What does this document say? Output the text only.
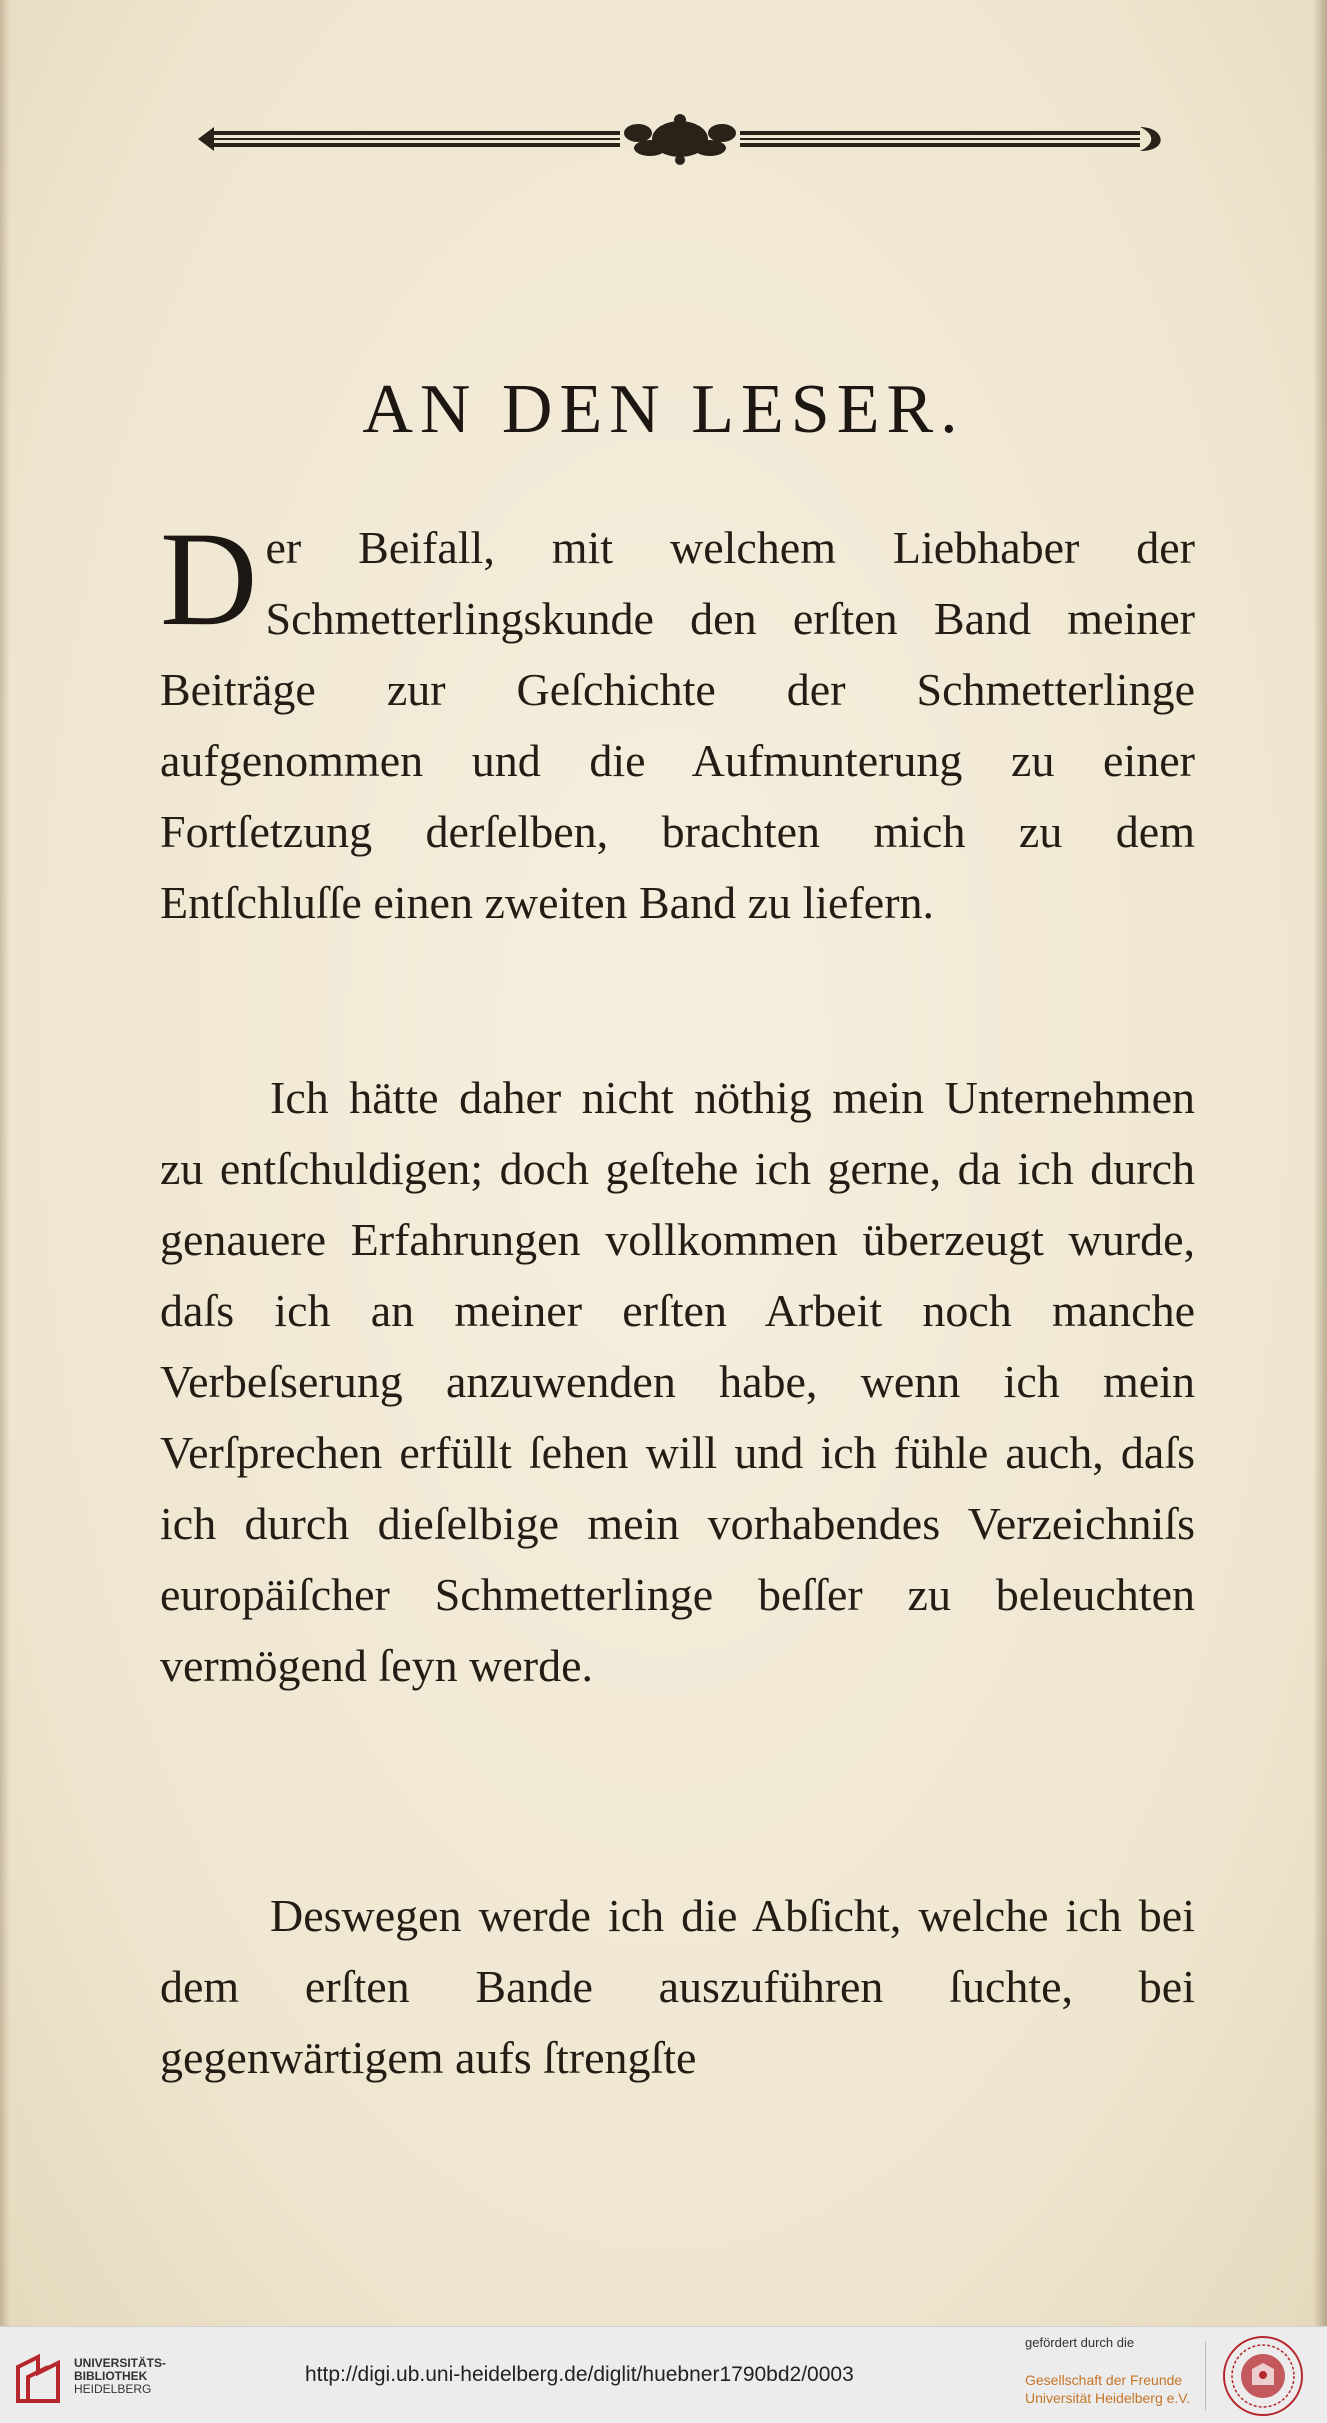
AN DEN LESER.
D er Beifall, mit welchem Liebhaber der Schmetterlingskunde den erſten Band meiner Beiträge zur Geſchichte der Schmetterlinge aufgenommen und die Aufmunterung zu einer Fortſetzung derſelben, brachten mich zu dem Entſchluſſe einen zweiten Band zu liefern.
Ich hätte daher nicht nöthig mein Unternehmen zu entſchuldigen; doch geſtehe ich gerne, da ich durch genauere Erfahrungen vollkommen überzeugt wurde, daſs ich an meiner erſten Arbeit noch manche Verbeſserung anzuwenden habe, wenn ich mein Verſprechen erfüllt ſehen will und ich fühle auch, daſs ich durch dieſelbige mein vorhabendes Verzeichniſs europäiſcher Schmetterlinge beſſer zu beleuchten vermögend ſeyn werde.
Deswegen werde ich die Abſicht, welche ich bei dem erſten Bande auszuführen ſuchte, bei gegenwärtigem aufs ſtrengſte
UNIVERSITÄTS-
BIBLIOTHEK
HEIDELBERG
http://digi.ub.uni-heidelberg.de/diglit/huebner1790bd2/0003
gefördert durch die
Gesellschaft der Freunde
Universität Heidelberg e.V.
